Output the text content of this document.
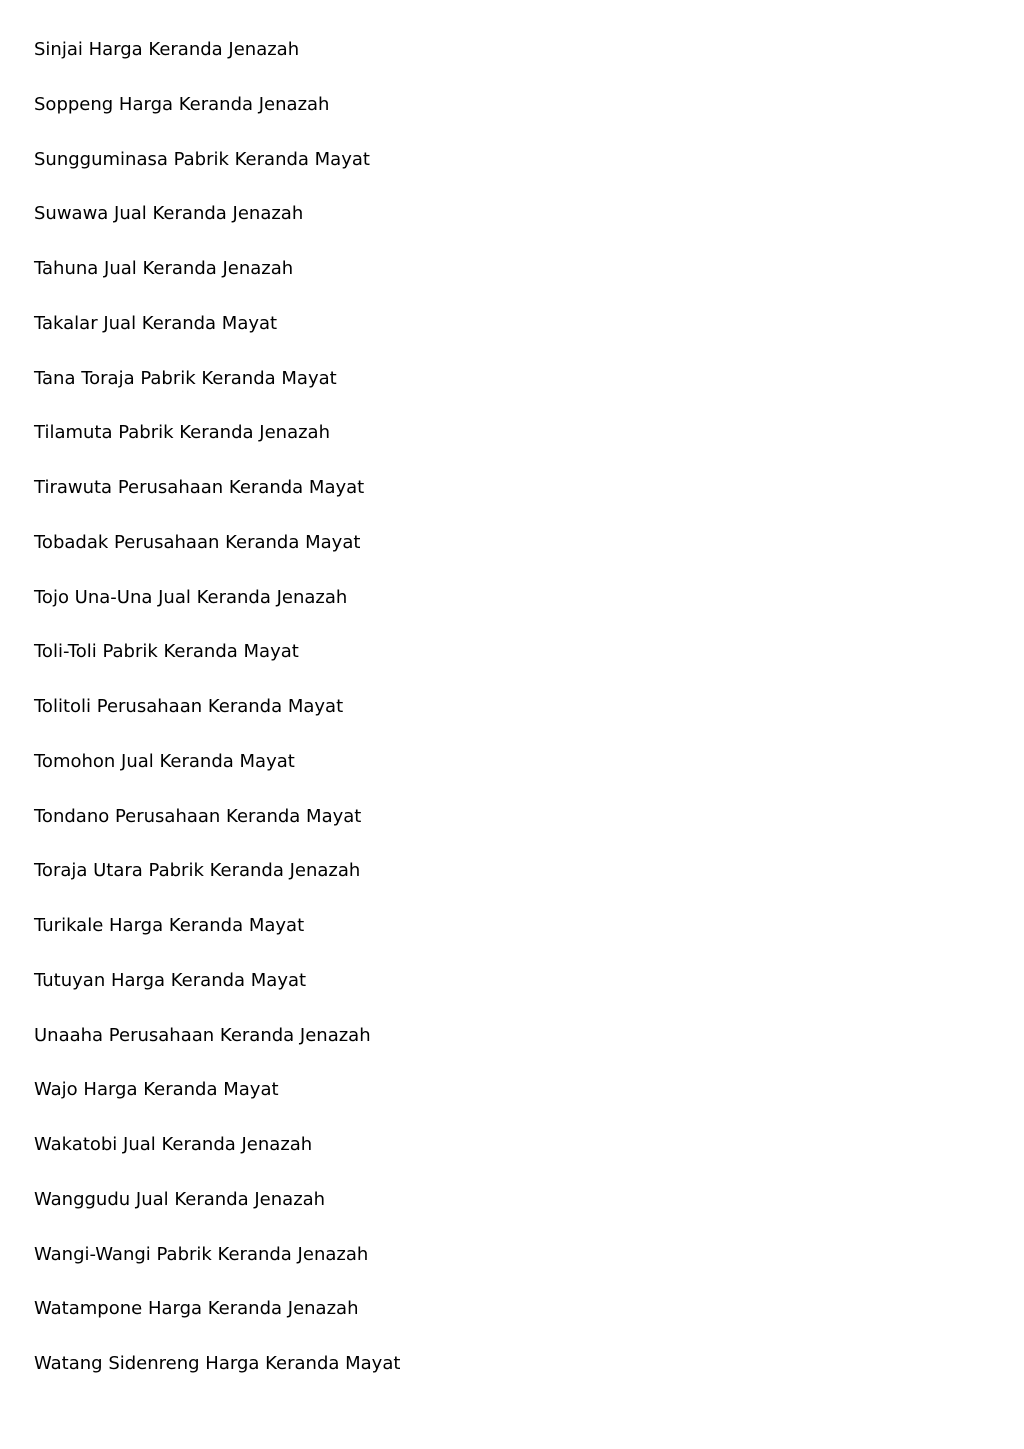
Sinjai Harga Keranda Jenazah
Soppeng Harga Keranda Jenazah
Sungguminasa Pabrik Keranda Mayat
Suwawa Jual Keranda Jenazah
Tahuna Jual Keranda Jenazah
Takalar Jual Keranda Mayat
Tana Toraja Pabrik Keranda Mayat
Tilamuta Pabrik Keranda Jenazah
Tirawuta Perusahaan Keranda Mayat
Tobadak Perusahaan Keranda Mayat
Tojo Una-Una Jual Keranda Jenazah
Toli-Toli Pabrik Keranda Mayat
Tolitoli Perusahaan Keranda Mayat
Tomohon Jual Keranda Mayat
Tondano Perusahaan Keranda Mayat
Toraja Utara Pabrik Keranda Jenazah
Turikale Harga Keranda Mayat
Tutuyan Harga Keranda Mayat
Unaaha Perusahaan Keranda Jenazah
Wajo Harga Keranda Mayat
Wakatobi Jual Keranda Jenazah
Wanggudu Jual Keranda Jenazah
Wangi-Wangi Pabrik Keranda Jenazah
Watampone Harga Keranda Jenazah
Watang Sidenreng Harga Keranda Mayat
